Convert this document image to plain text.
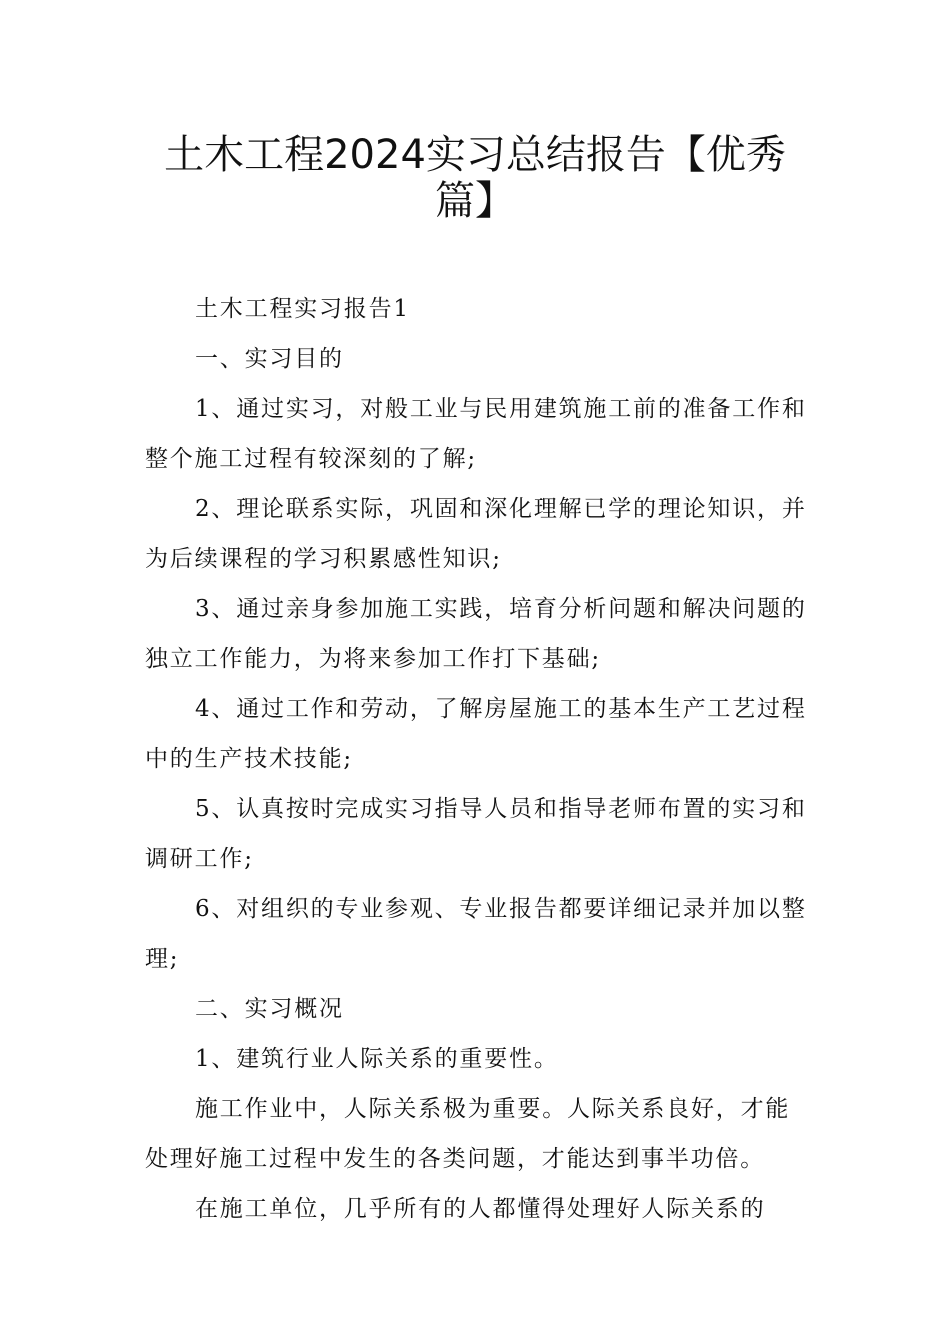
土木工程2024实习总结报告【优秀
篇】

土木工程实习报告1

一、实习目的

1、通过实习，对般工业与民用建筑施工前的准备工作和整个施工过程有较深刻的了解;

2、理论联系实际，巩固和深化理解已学的理论知识，并为后续课程的学习积累感性知识;

3、通过亲身参加施工实践，培育分析问题和解决问题的独立工作能力，为将来参加工作打下基础;

4、通过工作和劳动，了解房屋施工的基本生产工艺过程中的生产技术技能;

5、认真按时完成实习指导人员和指导老师布置的实习和调研工作;

6、对组织的专业参观、专业报告都要详细记录并加以整理;

二、实习概况

1、建筑行业人际关系的重要性。

施工作业中，人际关系极为重要。人际关系良好，才能处理好施工过程中发生的各类问题，才能达到事半功倍。

在施工单位，几乎所有的人都懂得处理好人际关系的
